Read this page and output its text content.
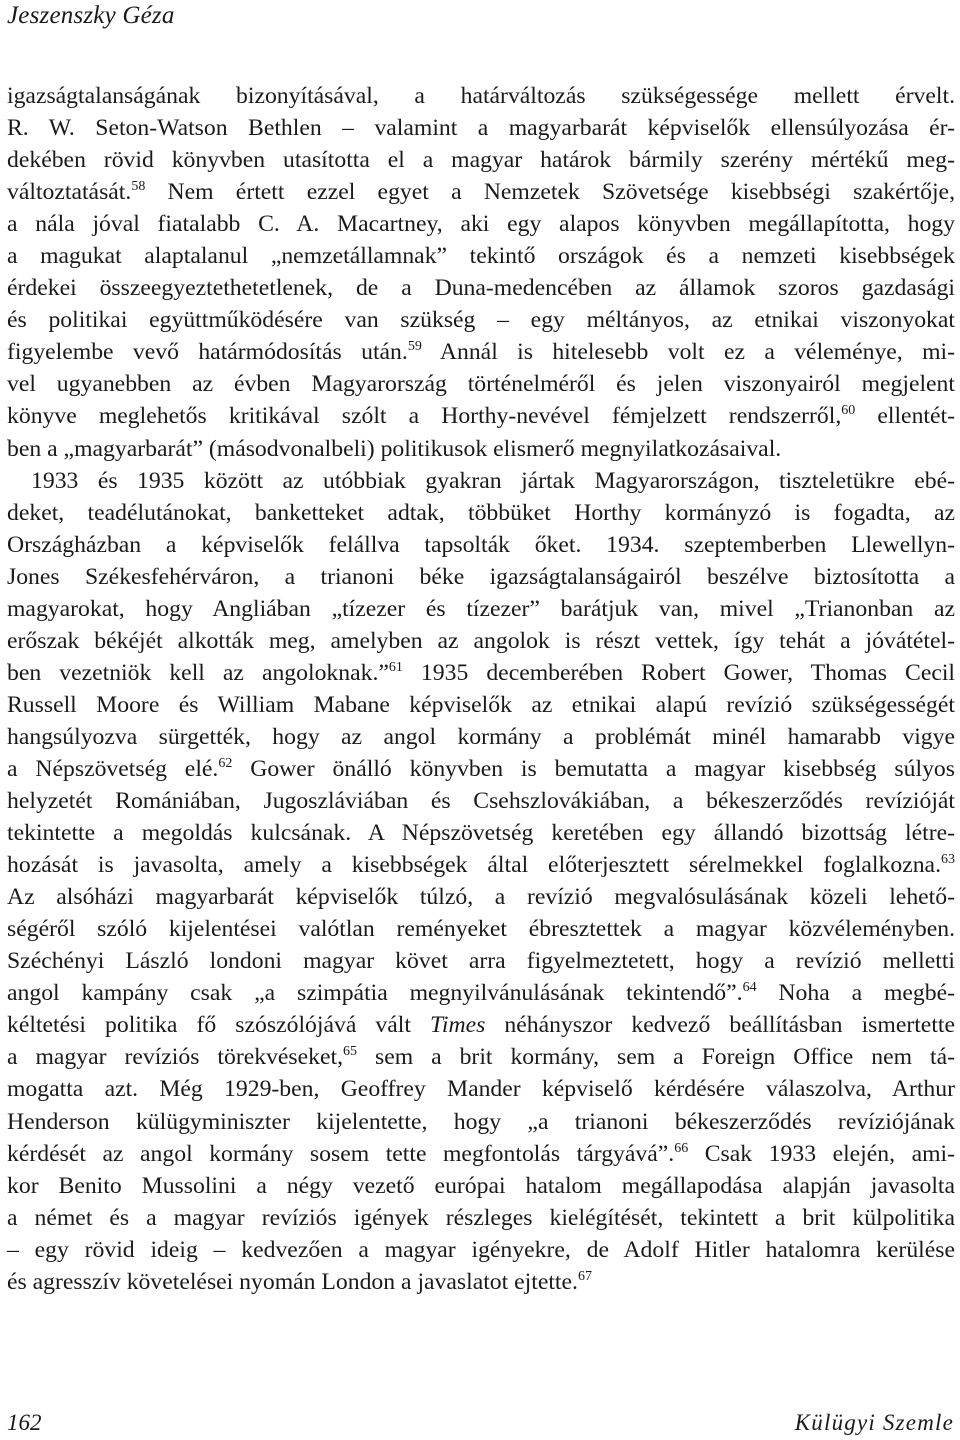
Jeszenszky Géza
igazságtalanságának bizonyításával, a határváltozás szükségessége mellett érvelt.
R. W. Seton-Watson Bethlen – valamint a magyarbarát képviselők ellensúlyozása ér-
dekében rövid könyvben utasította el a magyar határok bármily szerény mértékű meg-
változtatását.$^{58}$ Nem értett ezzel egyet a Nemzetek Szövetsége kisebbségi szakértője,
a nála jóval fiatalabb C. A. Macartney, aki egy alapos könyvben megállapította, hogy
a magukat alaptalanul „nemzetállamnak” tekintő országok és a nemzeti kisebbségek
érdekei összeegyeztethetetlenek, de a Duna-medencében az államok szoros gazdasági
és politikai együttműködésére van szükség – egy méltányos, az etnikai viszonyokat
figyelembe vevő határmódosítás után.$^{59}$ Annál is hitelesebb volt ez a véleménye, mi-
vel ugyanebben az évben Magyarország történelméről és jelen viszonyairól megjelent
könyve meglehetős kritikával szólt a Horthy-nevével fémjelzett rendszerről,$^{60}$ ellentét-
ben a „magyarbarát” (másodvonalbeli) politikusok elismerő megnyilatkozásaival.
1933 és 1935 között az utóbbiak gyakran jártak Magyarországon, tiszteletükre ebé-
deket, teadélutánokat, banketteket adtak, többüket Horthy kormányzó is fogadta, az
Országházban a képviselők felállva tapsolták őket. 1934. szeptemberben Llewellyn-
Jones Székesfehérváron, a trianoni béke igazságtalanságairól beszélve biztosította a
magyarokat, hogy Angliában „tízezer és tízezer” barátjuk van, mivel „Trianonban az
erőszak békéjét alkották meg, amelyben az angolok is részt vettek, így tehát a jóvátétel-
ben vezetniök kell az angoloknak.”$^{61}$ 1935 decemberében Robert Gower, Thomas Cecil
Russell Moore és William Mabane képviselők az etnikai alapú revízió szükségességét
hangsúlyozva sürgették, hogy az angol kormány a problémát minél hamarabb vigye
a Népszövetség elé.$^{62}$ Gower önálló könyvben is bemutatta a magyar kisebbség súlyos
helyzetét Romániában, Jugoszláviában és Csehszlovákiában, a békeszerződés revízióját
tekintette a megoldás kulcsának. A Népszövetség keretében egy állandó bizottság létre-
hozását is javasolta, amely a kisebbségek által előterjesztett sérelmekkel foglalkozna.$^{63}$
Az alsóházi magyarbarát képviselők túlzó, a revízió megvalósulásának közeli lehető-
ségéről szóló kijelentései valótlan reményeket ébresztettek a magyar közvéleményben.
Széchényi László londoni magyar követ arra figyelmeztetett, hogy a revízió melletti
angol kampány csak „a szimpátia megnyilvánulásának tekintendő”.$^{64}$ Noha a megbé-
kéltetési politika fő szószólójává vált Times néhányszor kedvező beállításban ismertette
a magyar revíziós törekvéseket,$^{65}$ sem a brit kormány, sem a Foreign Office nem tá-
mogatta azt. Még 1929-ben, Geoffrey Mander képviselő kérdésére válaszolva, Arthur
Henderson külügyminiszter kijelentette, hogy „a trianoni békeszerződés revíziójának
kérdését az angol kormány sosem tette megfontolás tárgyává”.$^{66}$ Csak 1933 elején, ami-
kor Benito Mussolini a négy vezető európai hatalom megállapodása alapján javasolta
a német és a magyar revíziós igények részleges kielégítését, tekintett a brit külpolitika
– egy rövid ideig – kedvezően a magyar igényekre, de Adolf Hitler hatalomra kerülése
és agresszív követelései nyomán London a javaslatot ejtette.$^{67}$
162	Külügyi Szemle
